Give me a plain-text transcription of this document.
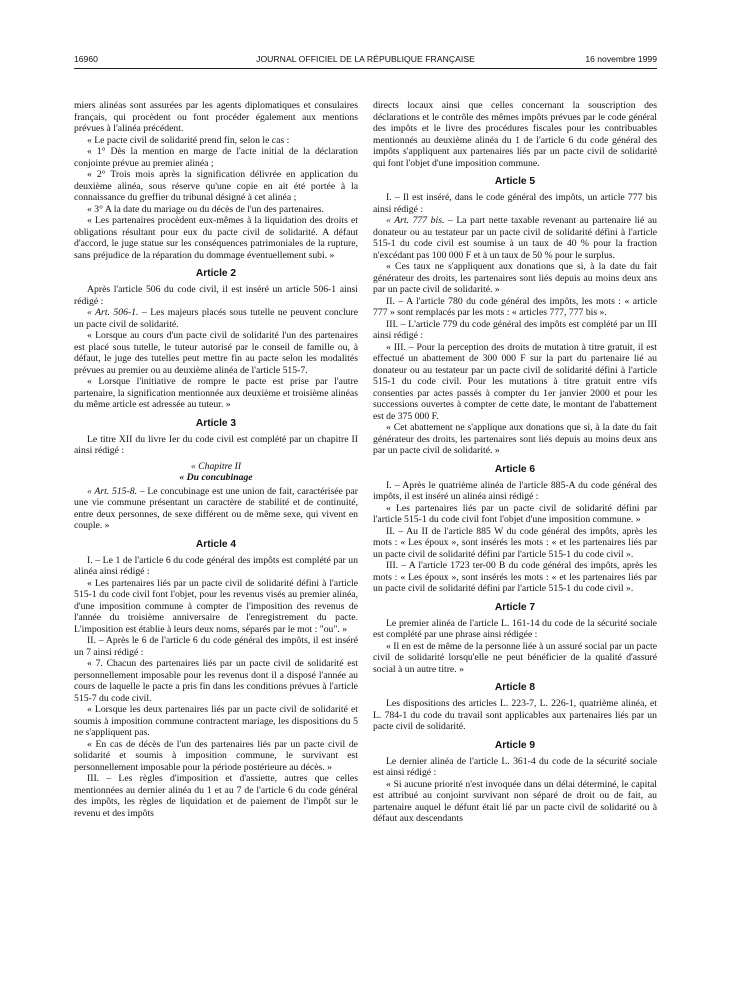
16960	JOURNAL OFFICIEL DE LA RÉPUBLIQUE FRANÇAISE	16 novembre 1999

miers alinéas sont assurées par les agents diplomatiques et consulaires français, qui procèdent ou font procéder également aux mentions prévues à l'alinéa précédent.

« Le pacte civil de solidarité prend fin, selon le cas :

« 1° Dès la mention en marge de l'acte initial de la déclaration conjointe prévue au premier alinéa ;

« 2° Trois mois après la signification délivrée en application du deuxième alinéa, sous réserve qu'une copie en ait été portée à la connaissance du greffier du tribunal désigné à cet alinéa ;

« 3° A la date du mariage ou du décès de l'un des partenaires.

« Les partenaires procèdent eux-mêmes à la liquidation des droits et obligations résultant pour eux du pacte civil de solidarité. A défaut d'accord, le juge statue sur les conséquences patrimoniales de la rupture, sans préjudice de la réparation du dommage éventuellement subi. »

Article 2

Après l'article 506 du code civil, il est inséré un article 506-1 ainsi rédigé :

« Art. 506-1. – Les majeurs placés sous tutelle ne peuvent conclure un pacte civil de solidarité.

« Lorsque au cours d'un pacte civil de solidarité l'un des partenaires est placé sous tutelle, le tuteur autorisé par le conseil de famille ou, à défaut, le juge des tutelles peut mettre fin au pacte selon les modalités prévues au premier ou au deuxième alinéa de l'article 515-7.

« Lorsque l'initiative de rompre le pacte est prise par l'autre partenaire, la signification mentionnée aux deuxième et troisième alinéas du même article est adressée au tuteur. »

Article 3

Le titre XII du livre Ier du code civil est complété par un chapitre II ainsi rédigé :

« Chapitre II

« Du concubinage

« Art. 515-8. – Le concubinage est une union de fait, caractérisée par une vie commune présentant un caractère de stabilité et de continuité, entre deux personnes, de sexe différent ou de même sexe, qui vivent en couple. »

Article 4

I. – Le 1 de l'article 6 du code général des impôts est complété par un alinéa ainsi rédigé :

« Les partenaires liés par un pacte civil de solidarité défini à l'article 515-1 du code civil font l'objet, pour les revenus visés au premier alinéa, d'une imposition commune à compter de l'imposition des revenus de l'année du troisième anniversaire de l'enregistrement du pacte. L'imposition est établie à leurs deux noms, séparés par le mot : "ou". »

II. – Après le 6 de l'article 6 du code général des impôts, il est inséré un 7 ainsi rédigé :

« 7. Chacun des partenaires liés par un pacte civil de solidarité est personnellement imposable pour les revenus dont il a disposé l'année au cours de laquelle le pacte a pris fin dans les conditions prévues à l'article 515-7 du code civil.

« Lorsque les deux partenaires liés par un pacte civil de solidarité et soumis à imposition commune contractent mariage, les dispositions du 5 ne s'appliquent pas.

« En cas de décès de l'un des partenaires liés par un pacte civil de solidarité et soumis à imposition commune, le survivant est personnellement imposable pour la période postérieure au décès. »

III. – Les règles d'imposition et d'assiette, autres que celles mentionnées au dernier alinéa du 1 et au 7 de l'article 6 du code général des impôts, les règles de liquidation et de paiement de l'impôt sur le revenu et des impôts

directs locaux ainsi que celles concernant la souscription des déclarations et le contrôle des mêmes impôts prévues par le code général des impôts et le livre des procédures fiscales pour les contribuables mentionnés au deuxième alinéa du 1 de l'article 6 du code général des impôts s'appliquent aux partenaires liés par un pacte civil de solidarité qui font l'objet d'une imposition commune.

Article 5

I. – Il est inséré, dans le code général des impôts, un article 777 bis ainsi rédigé :

« Art. 777 bis. – La part nette taxable revenant au partenaire lié au donateur ou au testateur par un pacte civil de solidarité défini à l'article 515-1 du code civil est soumise à un taux de 40 % pour la fraction n'excédant pas 100 000 F et à un taux de 50 % pour le surplus.

« Ces taux ne s'appliquent aux donations que si, à la date du fait générateur des droits, les partenaires sont liés depuis au moins deux ans par un pacte civil de solidarité. »

II. – A l'article 780 du code général des impôts, les mots : « article 777 » sont remplacés par les mots : « articles 777, 777 bis ».

III. – L'article 779 du code général des impôts est complété par un III ainsi rédigé :

« III. – Pour la perception des droits de mutation à titre gratuit, il est effectué un abattement de 300 000 F sur la part du partenaire lié au donateur ou au testateur par un pacte civil de solidarité défini à l'article 515-1 du code civil. Pour les mutations à titre gratuit entre vifs consenties par actes passés à compter du 1er janvier 2000 et pour les successions ouvertes à compter de cette date, le montant de l'abattement est de 375 000 F.

« Cet abattement ne s'applique aux donations que si, à la date du fait générateur des droits, les partenaires sont liés depuis au moins deux ans par un pacte civil de solidarité. »

Article 6

I. – Après le quatrième alinéa de l'article 885-A du code général des impôts, il est inséré un alinéa ainsi rédigé :

« Les partenaires liés par un pacte civil de solidarité défini par l'article 515-1 du code civil font l'objet d'une imposition commune. »

II. – Au II de l'article 885 W du code général des impôts, après les mots : « Les époux », sont insérés les mots : « et les partenaires liés par un pacte civil de solidarité défini par l'article 515-1 du code civil ».

III. – A l'article 1723 ter-00 B du code général des impôts, après les mots : « Les époux », sont insérés les mots : « et les partenaires liés par un pacte civil de solidarité défini par l'article 515-1 du code civil ».

Article 7

Le premier alinéa de l'article L. 161-14 du code de la sécurité sociale est complété par une phrase ainsi rédigée :

« Il en est de même de la personne liée à un assuré social par un pacte civil de solidarité lorsqu'elle ne peut bénéficier de la qualité d'assuré social à un autre titre. »

Article 8

Les dispositions des articles L. 223-7, L. 226-1, quatrième alinéa, et L. 784-1 du code du travail sont applicables aux partenaires liés par un pacte civil de solidarité.

Article 9

Le dernier alinéa de l'article L. 361-4 du code de la sécurité sociale est ainsi rédigé :

« Si aucune priorité n'est invoquée dans un délai déterminé, le capital est attribué au conjoint survivant non séparé de droit ou de fait, au partenaire auquel le défunt était lié par un pacte civil de solidarité ou à défaut aux descendants
